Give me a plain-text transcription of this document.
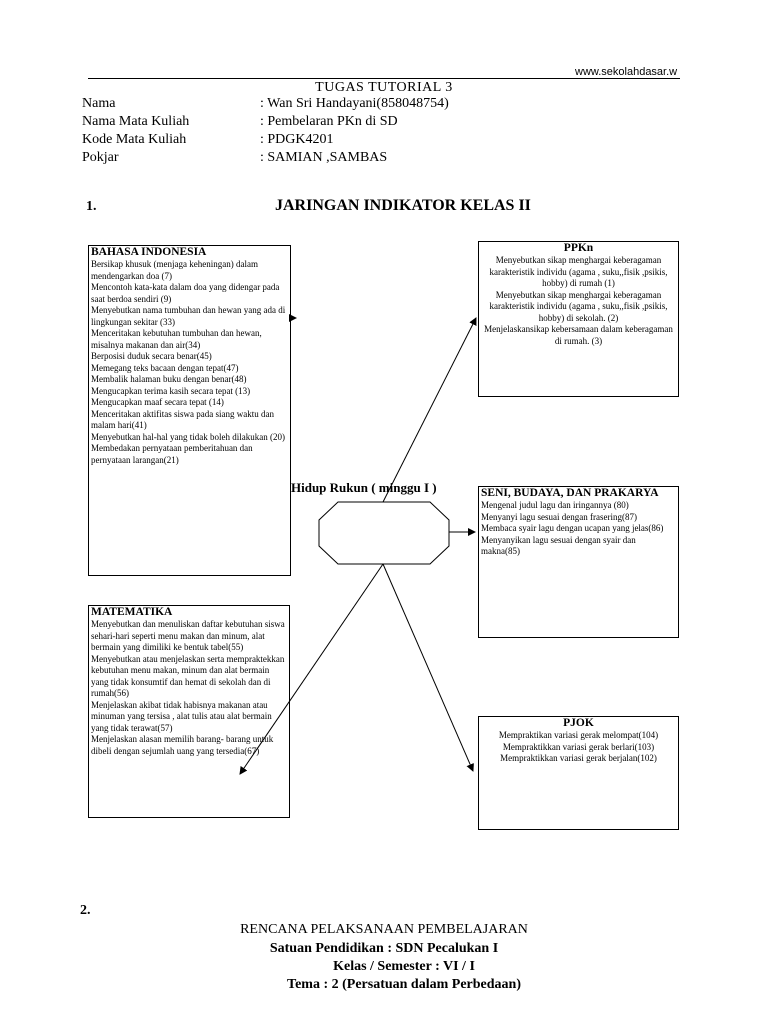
www.sekolahdasar.w
TUGAS TUTORIAL 3
Nama	: Wan Sri Handayani(858048754)
Nama Mata Kuliah	: Pembelaran PKn di SD
Kode Mata Kuliah	: PDGK4201
Pokjar	: SAMIAN ,SAMBAS
1.	JARINGAN INDIKATOR KELAS II
Hidup Rukun ( minggu I )
BAHASA INDONESIA

Bersikap khusuk (menjaga keheningan) dalam mendengarkan doa (7)

Mencontoh kata-kata dalam doa yang didengar pada saat berdoa sendiri (9)

Menyebutkan nama tumbuhan dan hewan yang ada di lingkungan sekitar (33)

Menceritakan kebutuhan tumbuhan dan hewan, misalnya makanan dan air(34)

Berposisi duduk secara benar(45)

Memegang teks bacaan dengan tepat(47)

Membalik halaman buku dengan benar(48)

Mengucapkan terima kasih secara tepat (13)

Mengucapkan maaf secara tepat (14)

Menceritakan aktifitas siswa pada siang waktu dan malam hari(41)

Menyebutkan hal-hal yang tidak boleh dilakukan (20)

Membedakan pernyataan pemberitahuan dan pernyataan larangan(21)

PPKn

Menyebutkan sikap menghargai keberagaman karakteristik individu (agama , suku,,fisik ,psikis, hobby) di rumah (1)

Menyebutkan sikap menghargai keberagaman karakteristik individu (agama , suku,,fisik ,psikis, hobby) di sekolah. (2)

Menjelaskansikap kebersamaan dalam keberagaman di rumah. (3)

SENI, BUDAYA, DAN PRAKARYA

Mengenal judul lagu dan iringannya (80)

Menyanyi lagu sesuai dengan frasering(87)

Membaca syair lagu dengan ucapan yang jelas(86)

Menyanyikan lagu sesuai dengan syair dan makna(85)

MATEMATIKA

Menyebutkan dan menuliskan daftar kebutuhan siswa sehari-hari seperti menu makan dan minum, alat bermain yang dimiliki ke bentuk tabel(55)

Menyebutkan atau menjelaskan serta mempraktekkan kebutuhan menu makan, minum dan alat bermain yang tidak konsumtif dan hemat di sekolah dan di rumah(56)

Menjelaskan akibat tidak habisnya makanan atau minuman yang tersisa , alat tulis atau alat bermain yang tidak terawat(57)

Menjelaskan alasan memilih barang- barang untuk dibeli dengan sejumlah uang yang tersedia(67)

PJOK

Mempraktikan variasi gerak melompat(104)

Mempraktikkan variasi gerak berlari(103)

Mempraktikkan variasi gerak berjalan(102)

2.
RENCANA PELAKSANAAN PEMBELAJARAN
Satuan Pendidikan : SDN Pecalukan I
Kelas / Semester : VI / I
Tema : 2 (Persatuan dalam Perbedaan)
